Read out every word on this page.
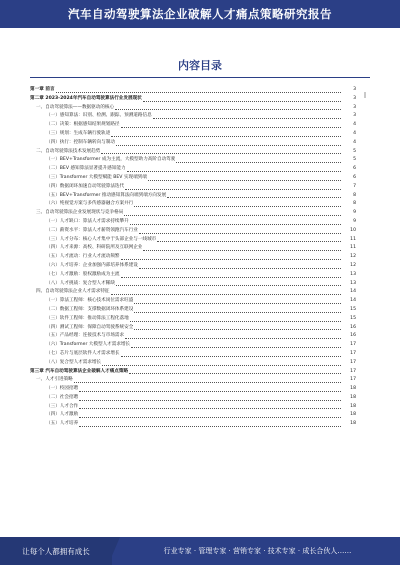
汽车自动驾驶算法企业破解人才痛点策略研究报告
内容目录
第一章 前言	3
第二章 2023-2024年汽车自动驾驶算法行业发展现状	3
一、自动驾驶算法——数据驱动的核心	3
（一）感知算法：识别、检测、跟踪、预测道路信息	3
（二）决策：根据感知结果规划路径	4
（三）规划：生成车辆行驶轨迹	4
（四）执行：控制车辆转向与制动	4
二、自动驾驶算法技术发展趋势	5
（一）BEV+Transformer 成为主流，大模型助力高阶自动驾驶	5
（二）BEV 感知算法显著提升感知能力	6
（三）Transformer 大模型赋能 BEV 实现端到端	6
（四）数据闭环加速自动驾驶算法迭代	7
（五）BEV+Transformer 推动感知算法向端到端方向发展	8
（六）纯视觉方案与多传感器融合方案并行	8
三、自动驾驶算法企业发展现状与竞争格局	9
（一）人才缺口：算法人才需求持续攀升	9
（二）薪资水平：算法人才薪资领跑汽车行业	10
（三）人才分布：核心人才集中于头部企业与一线城市	11
（四）人才来源：高校、科研院所及互联网企业	11
（五）人才流动：行业人才流动频繁	12
（六）人才培养：企业加强内部培养体系建设	12
（七）人才激励：股权激励成为主流	13
（八）人才挑战：复合型人才稀缺	13
四、自动驾驶算法企业人才需求特征	14
（一）算法工程师：核心技术岗位需求旺盛	14
（二）数据工程师：支撑数据闭环体系建设	15
（三）软件工程师：推动算法工程化落地	15
（四）测试工程师：保障自动驾驶系统安全	16
（五）产品经理：连接技术与市场需求	16
（六）Transformer 大模型人才需求增长	17
（七）芯片与底层软件人才需求增长	17
（八）复合型人才需求增长	17
第三章 汽车自动驾驶算法企业破解人才痛点策略	17
一、人才引进策略	17
（一）校园招聘	18
（二）社会招聘	18
（三）人才合作	18
（四）人才激励	18
（五）人才培养	18
让每个人都拥有成长	行业专家 · 管理专家 · 营销专家 · 技术专家 · 成长合伙人……
